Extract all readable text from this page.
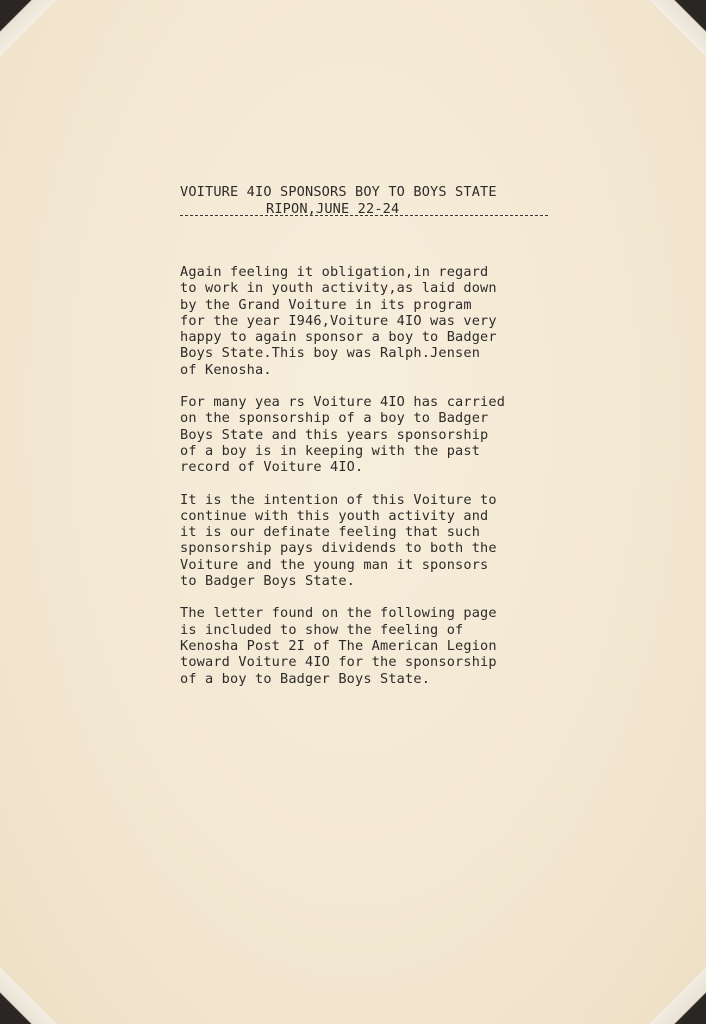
VOITURE 4IO SPONSORS BOY TO BOYS STATE
RIPON,JUNE 22-24

Again feeling it obligation,in regard
to work in youth activity,as laid down
by the Grand Voiture in its program
for the year I946,Voiture 4IO was very
happy to again sponsor a boy to Badger
Boys State.This boy was Ralph.Jensen
of Kenosha.

For many yea rs Voiture 4IO has carried
on the sponsorship of a boy to Badger
Boys State and this years sponsorship
of a boy is in keeping with the past
record of Voiture 4IO.

It is the intention of this Voiture to
continue with this youth activity and
it is our definate feeling that such
sponsorship pays dividends to both the
Voiture and the young man it sponsors
to Badger Boys State.

The letter found on the following page
is included to show the feeling of
Kenosha Post 2I of The American Legion
toward Voiture 4IO for the sponsorship
of a boy to Badger Boys State.
